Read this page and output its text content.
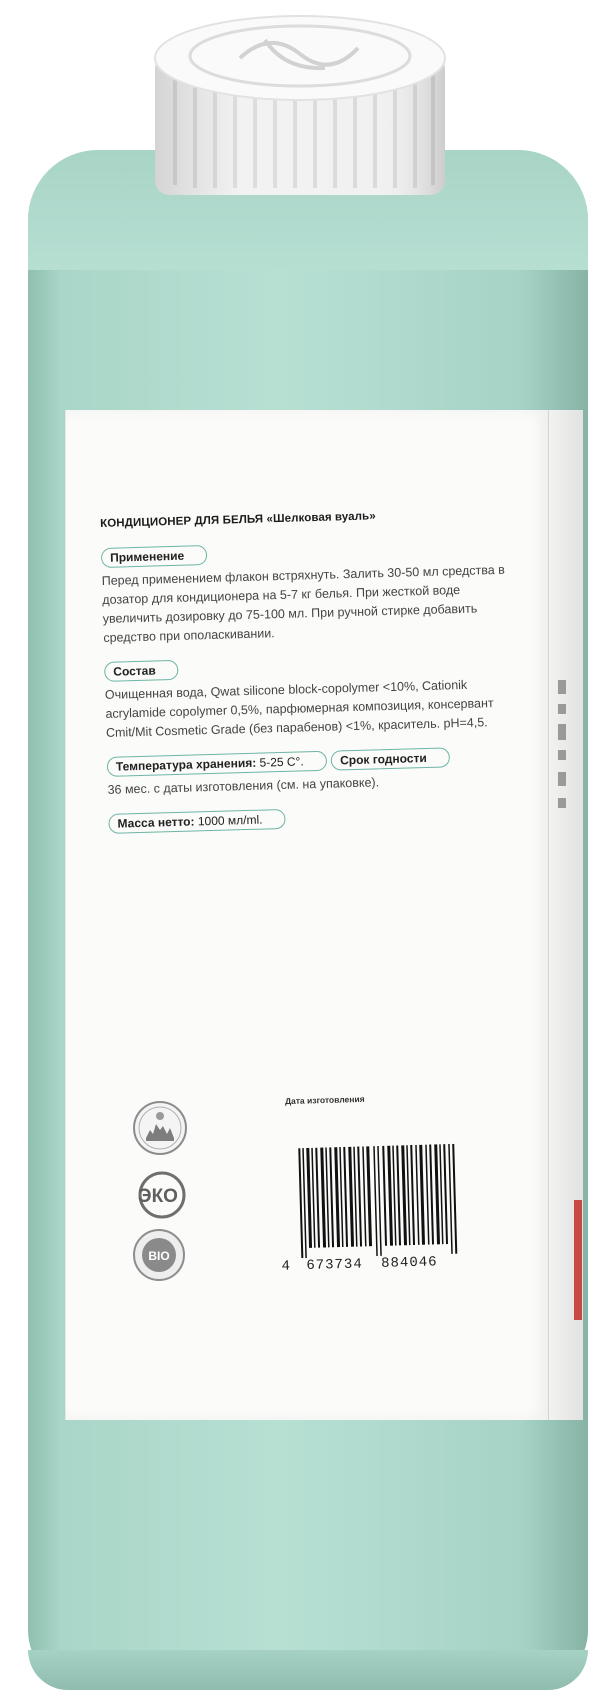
КОНДИЦИОНЕР ДЛЯ БЕЛЬЯ «Шелковая вуаль»
Применение
Перед применением флакон встряхнуть. Залить 30-50 мл средства в дозатор для кондиционера на 5-7 кг белья. При жесткой воде увеличить дозировку до 75-100 мл. При ручной стирке добавить средство при ополаскивании.
Состав
Очищенная вода, Qwat silicone block-copolymer <10%, Cationik acrylamide copolymer 0,5%, парфюмерная композиция, консервант Cmit/Mit Cosmetic Grade (без парабенов) <1%, краситель. pH=4,5.
Температура хранения: 5-25 С°.	Срок годности
36 мес. с даты изготовления (см. на упаковке).
Масса нетто: 1000 мл/ml.
Дата изготовления
ЭКО
BIO
4 673734 884046
